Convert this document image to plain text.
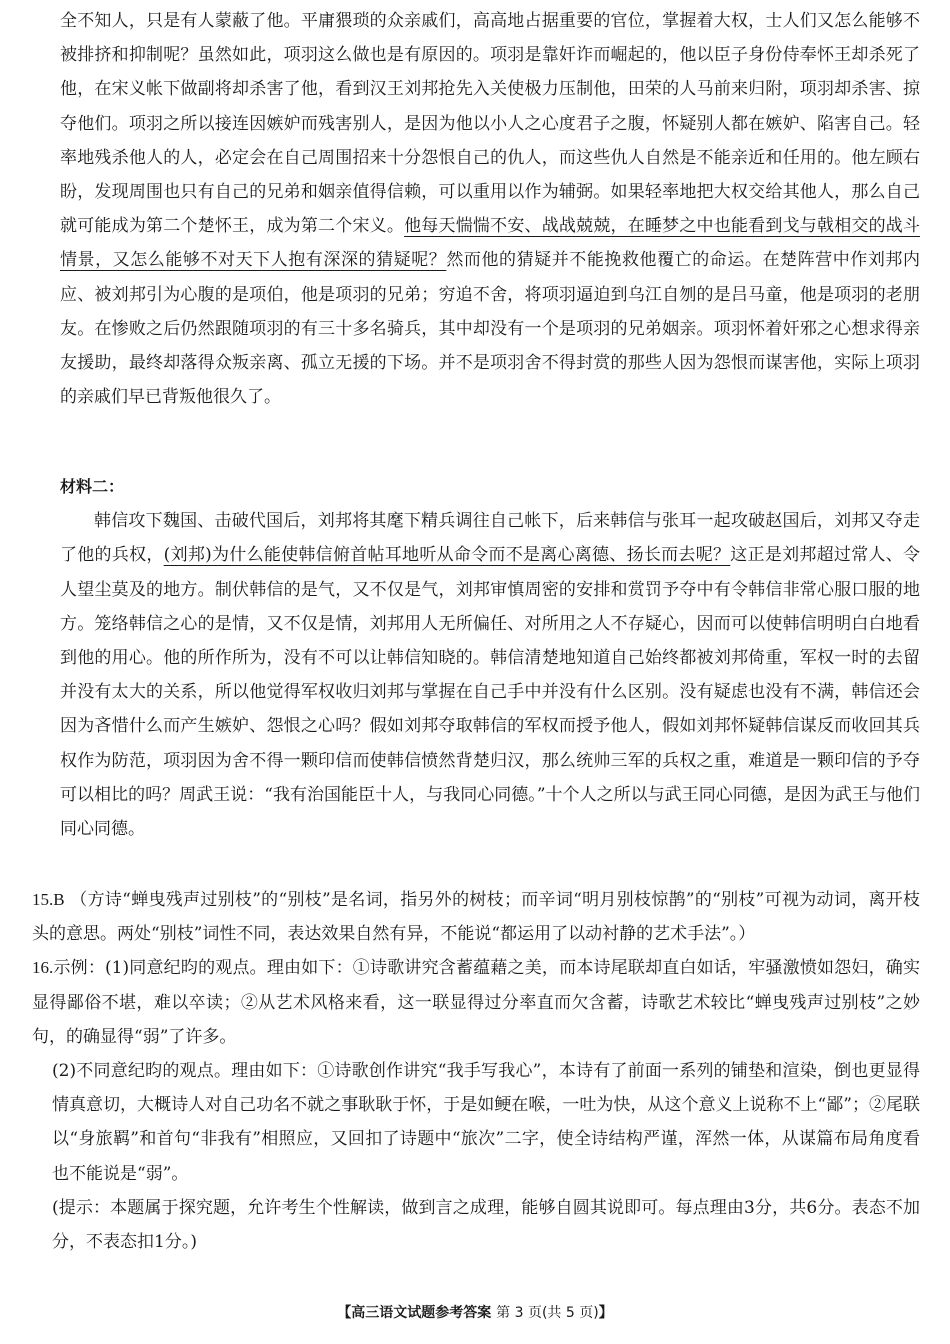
全不知人，只是有人蒙蔽了他。平庸猥琐的众亲戚们，高高地占据重要的官位，掌握着大权，士人们又怎么能够不被排挤和抑制呢？虽然如此，项羽这么做也是有原因的。项羽是靠奸诈而崛起的，他以臣子身份侍奉怀王却杀死了他，在宋义帐下做副将却杀害了他，看到汉王刘邦抢先入关使极力压制他，田荣的人马前来归附，项羽却杀害、掠夺他们。项羽之所以接连因嫉妒而残害别人，是因为他以小人之心度君子之腹，怀疑别人都在嫉妒、陷害自己。轻率地残杀他人的人，必定会在自己周围招来十分怨恨自己的仇人，而这些仇人自然是不能亲近和任用的。他左顾右盼，发现周围也只有自己的兄弟和姻亲值得信赖，可以重用以作为辅弼。如果轻率地把大权交给其他人，那么自己就可能成为第二个楚怀王，成为第二个宋义。他每天惴惴不安、战战兢兢，在睡梦之中也能看到戈与戟相交的战斗情景，又怎么能够不对天下人抱有深深的猜疑呢？然而他的猜疑并不能挽救他覆亡的命运。在楚阵营中作刘邦内应、被刘邦引为心腹的是项伯，他是项羽的兄弟；穷追不舍，将项羽逼迫到乌江自刎的是吕马童，他是项羽的老朋友。在惨败之后仍然跟随项羽的有三十多名骑兵，其中却没有一个是项羽的兄弟姻亲。项羽怀着奸邪之心想求得亲友援助，最终却落得众叛亲离、孤立无援的下场。并不是项羽舍不得封赏的那些人因为怨恨而谋害他，实际上项羽的亲戚们早已背叛他很久了。

材料二：

韩信攻下魏国、击破代国后，刘邦将其麾下精兵调往自己帐下，后来韩信与张耳一起攻破赵国后，刘邦又夺走了他的兵权，(刘邦)为什么能使韩信俯首帖耳地听从命令而不是离心离德、扬长而去呢？这正是刘邦超过常人、令人望尘莫及的地方。制伏韩信的是气，又不仅是气，刘邦审慎周密的安排和赏罚予夺中有令韩信非常心服口服的地方。笼络韩信之心的是情，又不仅是情，刘邦用人无所偏任、对所用之人不存疑心，因而可以使韩信明明白白地看到他的用心。他的所作所为，没有不可以让韩信知晓的。韩信清楚地知道自己始终都被刘邦倚重，军权一时的去留并没有太大的关系，所以他觉得军权收归刘邦与掌握在自己手中并没有什么区别。没有疑虑也没有不满，韩信还会因为吝惜什么而产生嫉妒、怨恨之心吗？假如刘邦夺取韩信的军权而授予他人，假如刘邦怀疑韩信谋反而收回其兵权作为防范，项羽因为舍不得一颗印信而使韩信愤然背楚归汉，那么统帅三军的兵权之重，难道是一颗印信的予夺可以相比的吗？周武王说：“我有治国能臣十人，与我同心同德。”十个人之所以与武王同心同德，是因为武王与他们同心同德。

15.B （方诗“蝉曳残声过别枝”的“别枝”是名词，指另外的树枝；而辛词“明月别枝惊鹊”的“别枝”可视为动词，离开枝头的意思。两处“别枝”词性不同，表达效果自然有异，不能说“都运用了以动衬静的艺术手法”。）

16.示例：(1)同意纪昀的观点。理由如下：①诗歌讲究含蓄蕴藉之美，而本诗尾联却直白如话，牢骚激愤如怨妇，确实显得鄙俗不堪，难以卒读；②从艺术风格来看，这一联显得过分率直而欠含蓄，诗歌艺术较比“蝉曳残声过别枝”之妙句，的确显得“弱”了许多。

(2)不同意纪昀的观点。理由如下：①诗歌创作讲究“我手写我心”，本诗有了前面一系列的铺垫和渲染，倒也更显得情真意切，大概诗人对自己功名不就之事耿耿于怀，于是如鲠在喉，一吐为快，从这个意义上说称不上“鄙”；②尾联以“身旅羁”和首句“非我有”相照应，又回扣了诗题中“旅次”二字，使全诗结构严谨，浑然一体，从谋篇布局角度看也不能说是“弱”。

(提示：本题属于探究题，允许考生个性解读，做到言之成理，能够自圆其说即可。每点理由3分，共6分。表态不加分，不表态扣1分。)

【高三语文试题参考答案 第 3 页(共 5 页)】
